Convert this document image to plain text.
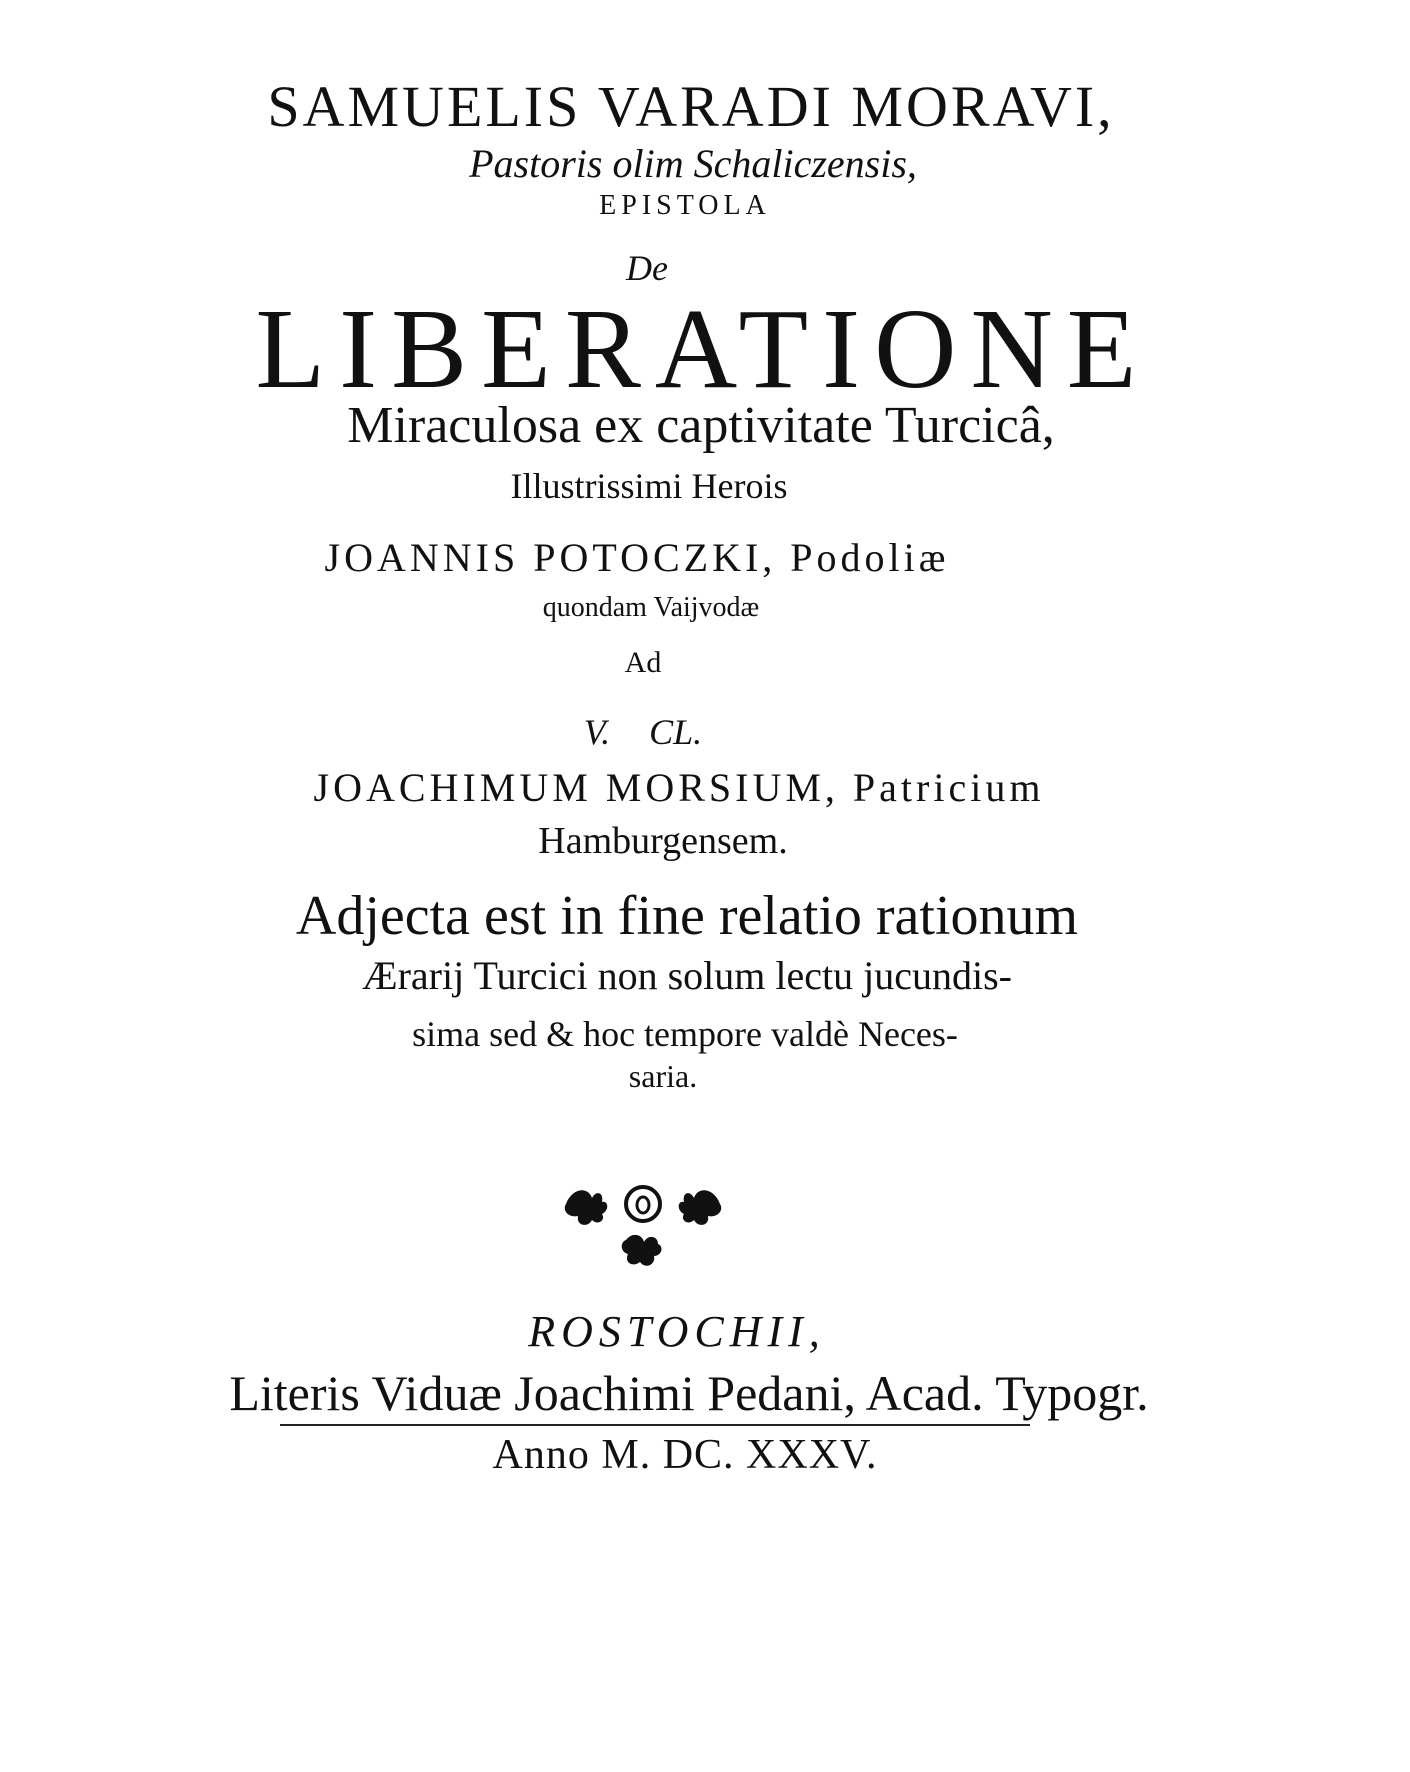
SAMUELIS VARADI MORAVI,
Pastoris olim Schaliczensis,
EPISTOLA
De
LIBERATIONE
Miraculosa ex captivitate Turcicâ,
Illustrissimi Herois
JOANNIS POTOCZKI, Podoliæ
quondam Vaijvodæ
Ad
V. CL.
JOACHIMUM MORSIUM, Patricium
Hamburgensem.
Adjecta est in fine relatio rationum
Ærarij Turcici non solum lectu jucundis-
sima sed & hoc tempore valdè Neces-
saria.
ROSTOCHII,
Literis Viduæ Joachimi Pedani, Acad. Typogr.
Anno M. DC. XXXV.
